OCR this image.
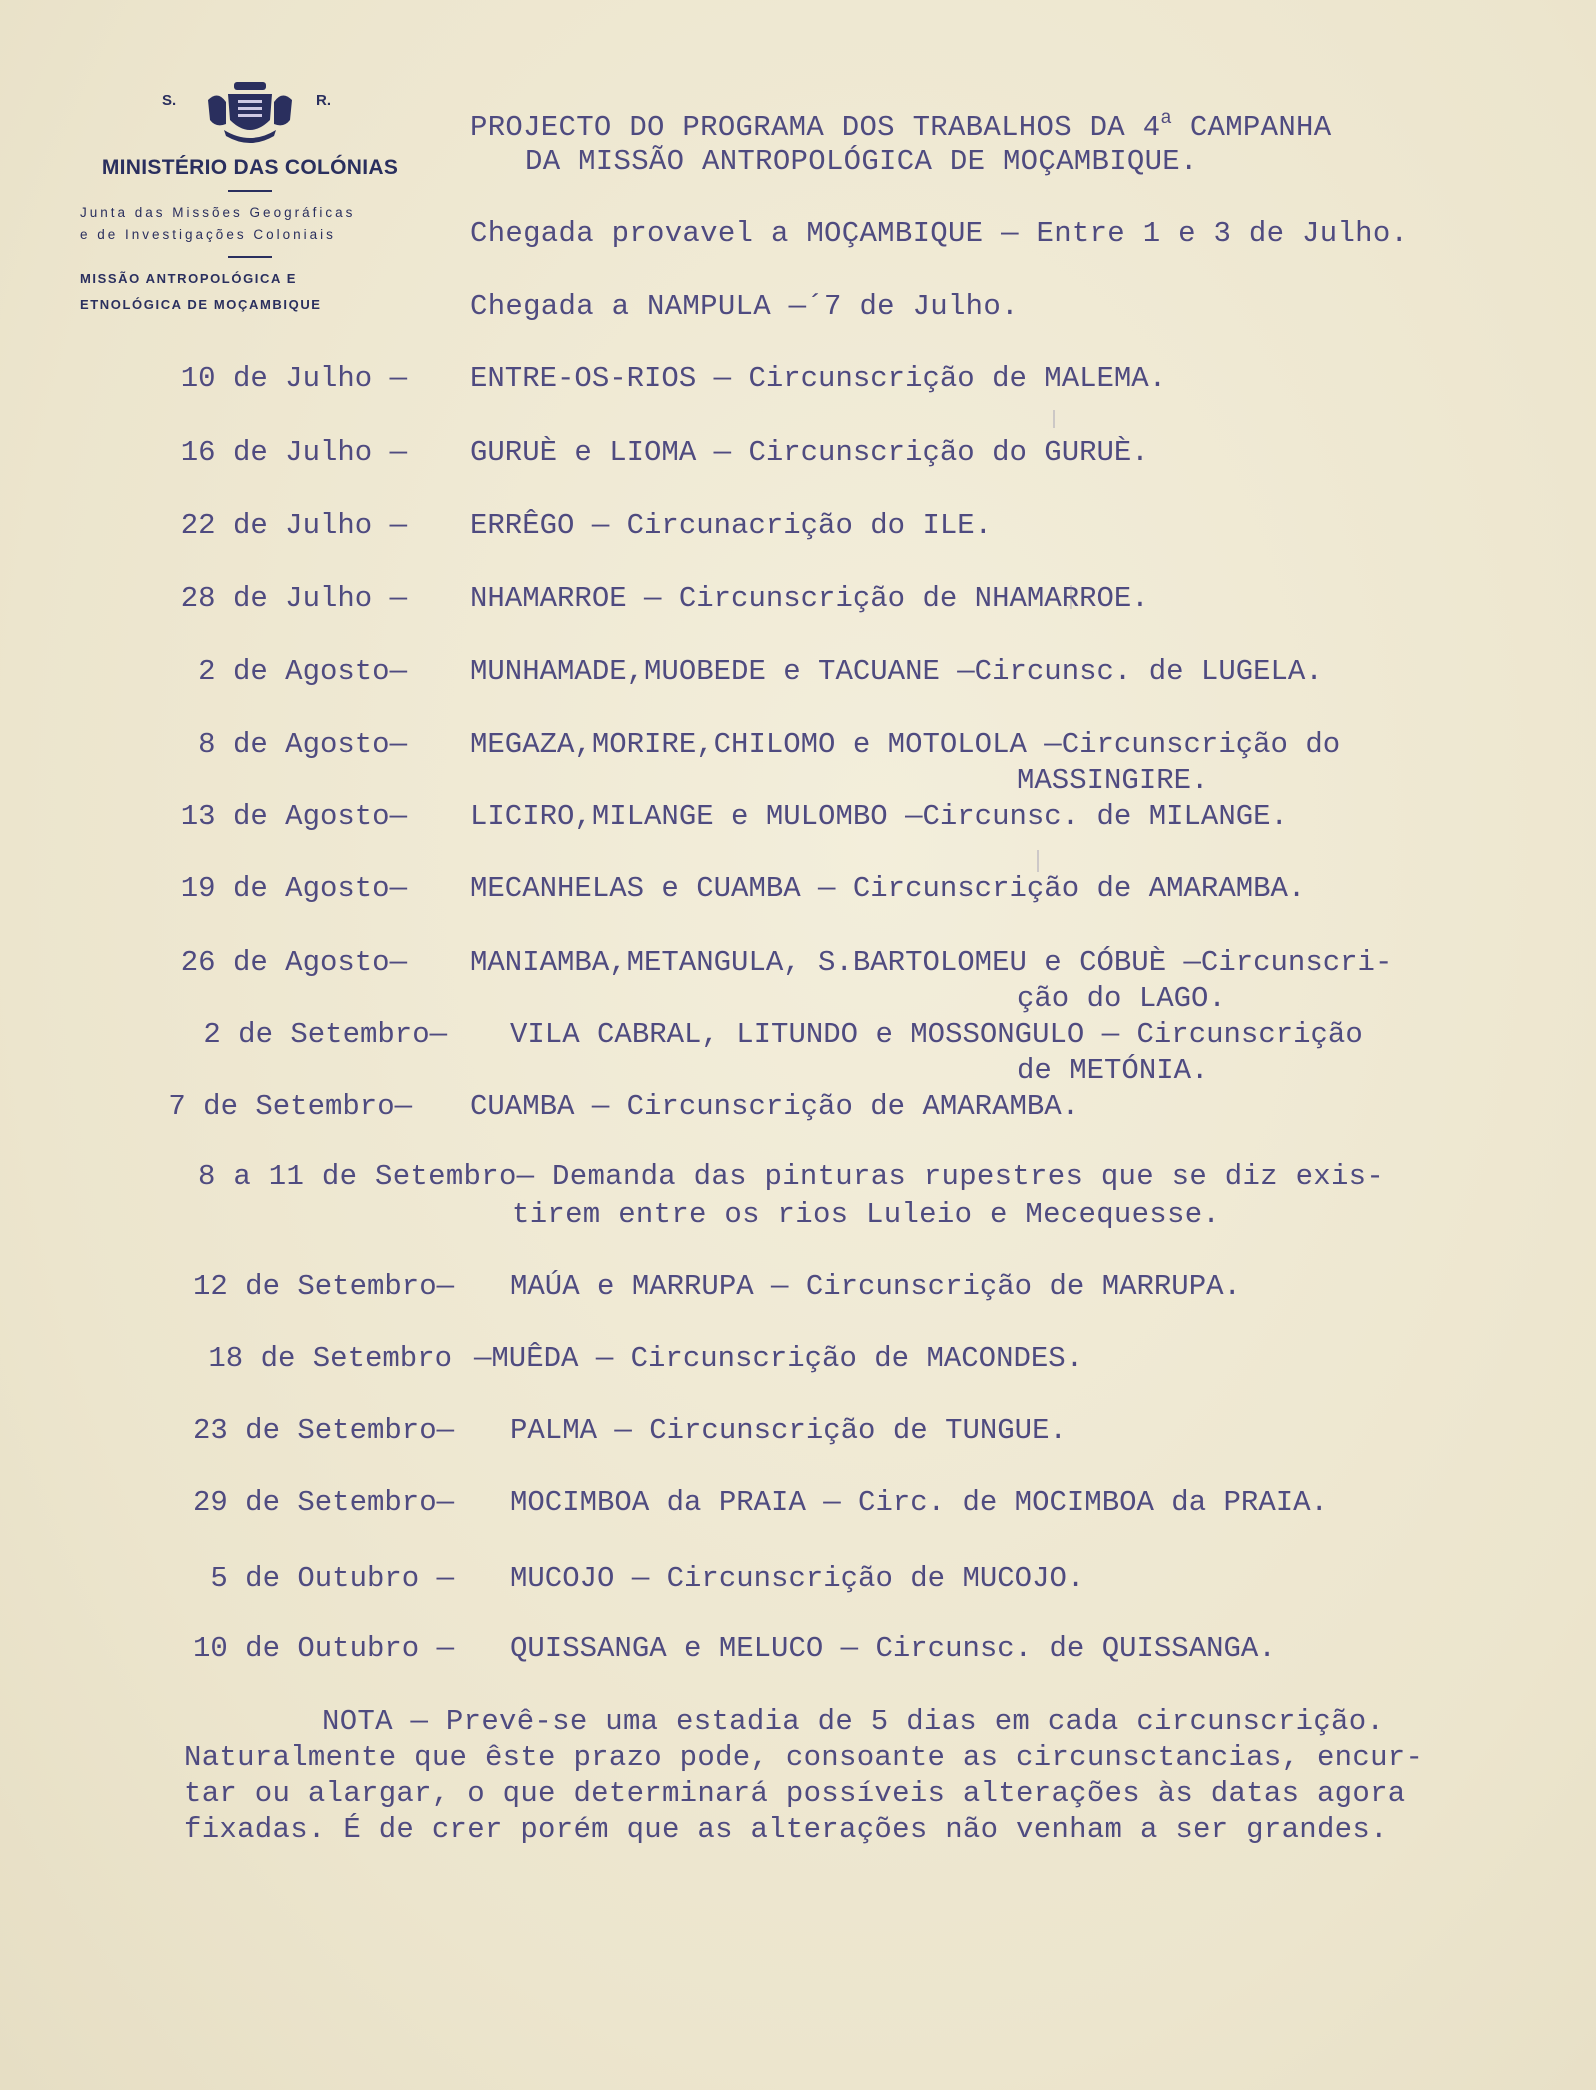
S.	R.
MINISTÉRIO DAS COLÓNIAS
Junta das Missões Geográficas
e de Investigações Coloniais
MISSÃO ANTROPOLÓGICA E
ETNOLÓGICA DE MOÇAMBIQUE
PROJECTO DO PROGRAMA DOS TRABALHOS DA 4$^a$ CAMPANHA
DA MISSÃO ANTROPOLÓGICA DE MOÇAMBIQUE.
Chegada provavel a MOÇAMBIQUE — Entre 1 e 3 de Julho.
Chegada a NAMPULA —´7 de Julho.
10 de Julho — ENTRE-OS-RIOS — Circunscrição de MALEMA.
16 de Julho — GURUÈ e LIOMA — Circunscrição do GURUÈ.
22 de Julho — ERRÊGO — Circunacrição do ILE.
28 de Julho — NHAMARROE — Circunscrição de NHAMARROE.
2 de Agosto— MUNHAMADE,MUOBEDE e TACUANE —Circunsc. de LUGELA.
8 de Agosto— MEGAZA,MORIRE,CHILOMO e MOTOLOLA —Circunscrição do
MASSINGIRE.
13 de Agosto— LICIRO,MILANGE e MULOMBO —Circunsc. de MILANGE.
19 de Agosto— MECANHELAS e CUAMBA — Circunscrição de AMARAMBA.
26 de Agosto— MANIAMBA,METANGULA, S.BARTOLOMEU e CÓBUÈ —Circunscri-
ção do LAGO.
2 de Setembro— VILA CABRAL, LITUNDO e MOSSONGULO — Circunscrição
de METÓNIA.
7 de Setembro— CUAMBA — Circunscrição de AMARAMBA.
8 a 11 de Setembro— Demanda das pinturas rupestres que se diz exis-
tirem entre os rios Luleio e Mecequesse.
12 de Setembro— MAÚA e MARRUPA — Circunscrição de MARRUPA.
18 de Setembro —MUÊDA — Circunscrição de MACONDES.
23 de Setembro— PALMA — Circunscrição de TUNGUE.
29 de Setembro— MOCIMBOA da PRAIA — Circ. de MOCIMBOA da PRAIA.
5 de Outubro — MUCOJO — Circunscrição de MUCOJO.
10 de Outubro — QUISSANGA e MELUCO — Circunsc. de QUISSANGA.
NOTA — Prevê-se uma estadia de 5 dias em cada circunscrição.
Naturalmente que êste prazo pode, consoante as circunsctancias, encur-
tar ou alargar, o que determinará possíveis alterações às datas agora
fixadas. É de crer porém que as alterações não venham a ser grandes.
